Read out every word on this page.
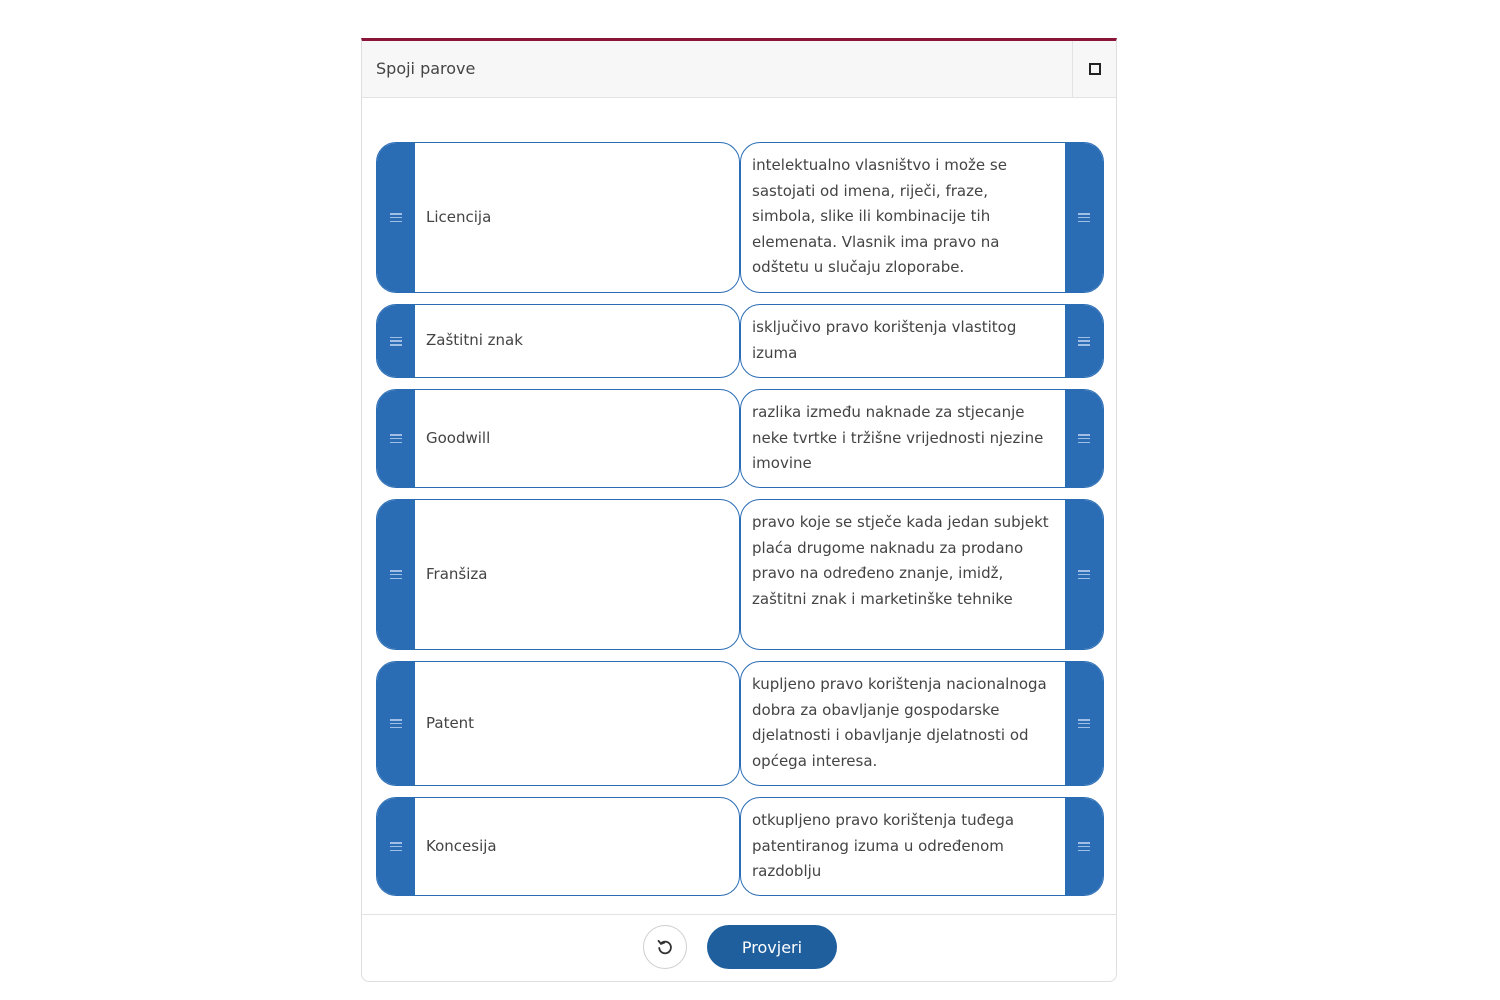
Spoji parove
Licencija
intelektualno vlasništvo i može se sastojati od imena, riječi, fraze, simbola, slike ili kombinacije tih elemenata. Vlasnik ima pravo na odštetu u slučaju zloporabe.
Zaštitni znak
isključivo pravo korištenja vlastitog izuma
Goodwill
razlika između naknade za stjecanje neke tvrtke i tržišne vrijednosti njezine imovine
Franšiza
pravo koje se stječe kada jedan subjekt plaća drugome naknadu za prodano pravo na određeno znanje, imidž, zaštitni znak i marketinške tehnike
Patent
kupljeno pravo korištenja nacionalnoga dobra za obavljanje gospodarske djelatnosti i obavljanje djelatnosti od općega interesa.
Koncesija
otkupljeno pravo korištenja tuđega patentiranog izuma u određenom razdoblju
Provjeri
